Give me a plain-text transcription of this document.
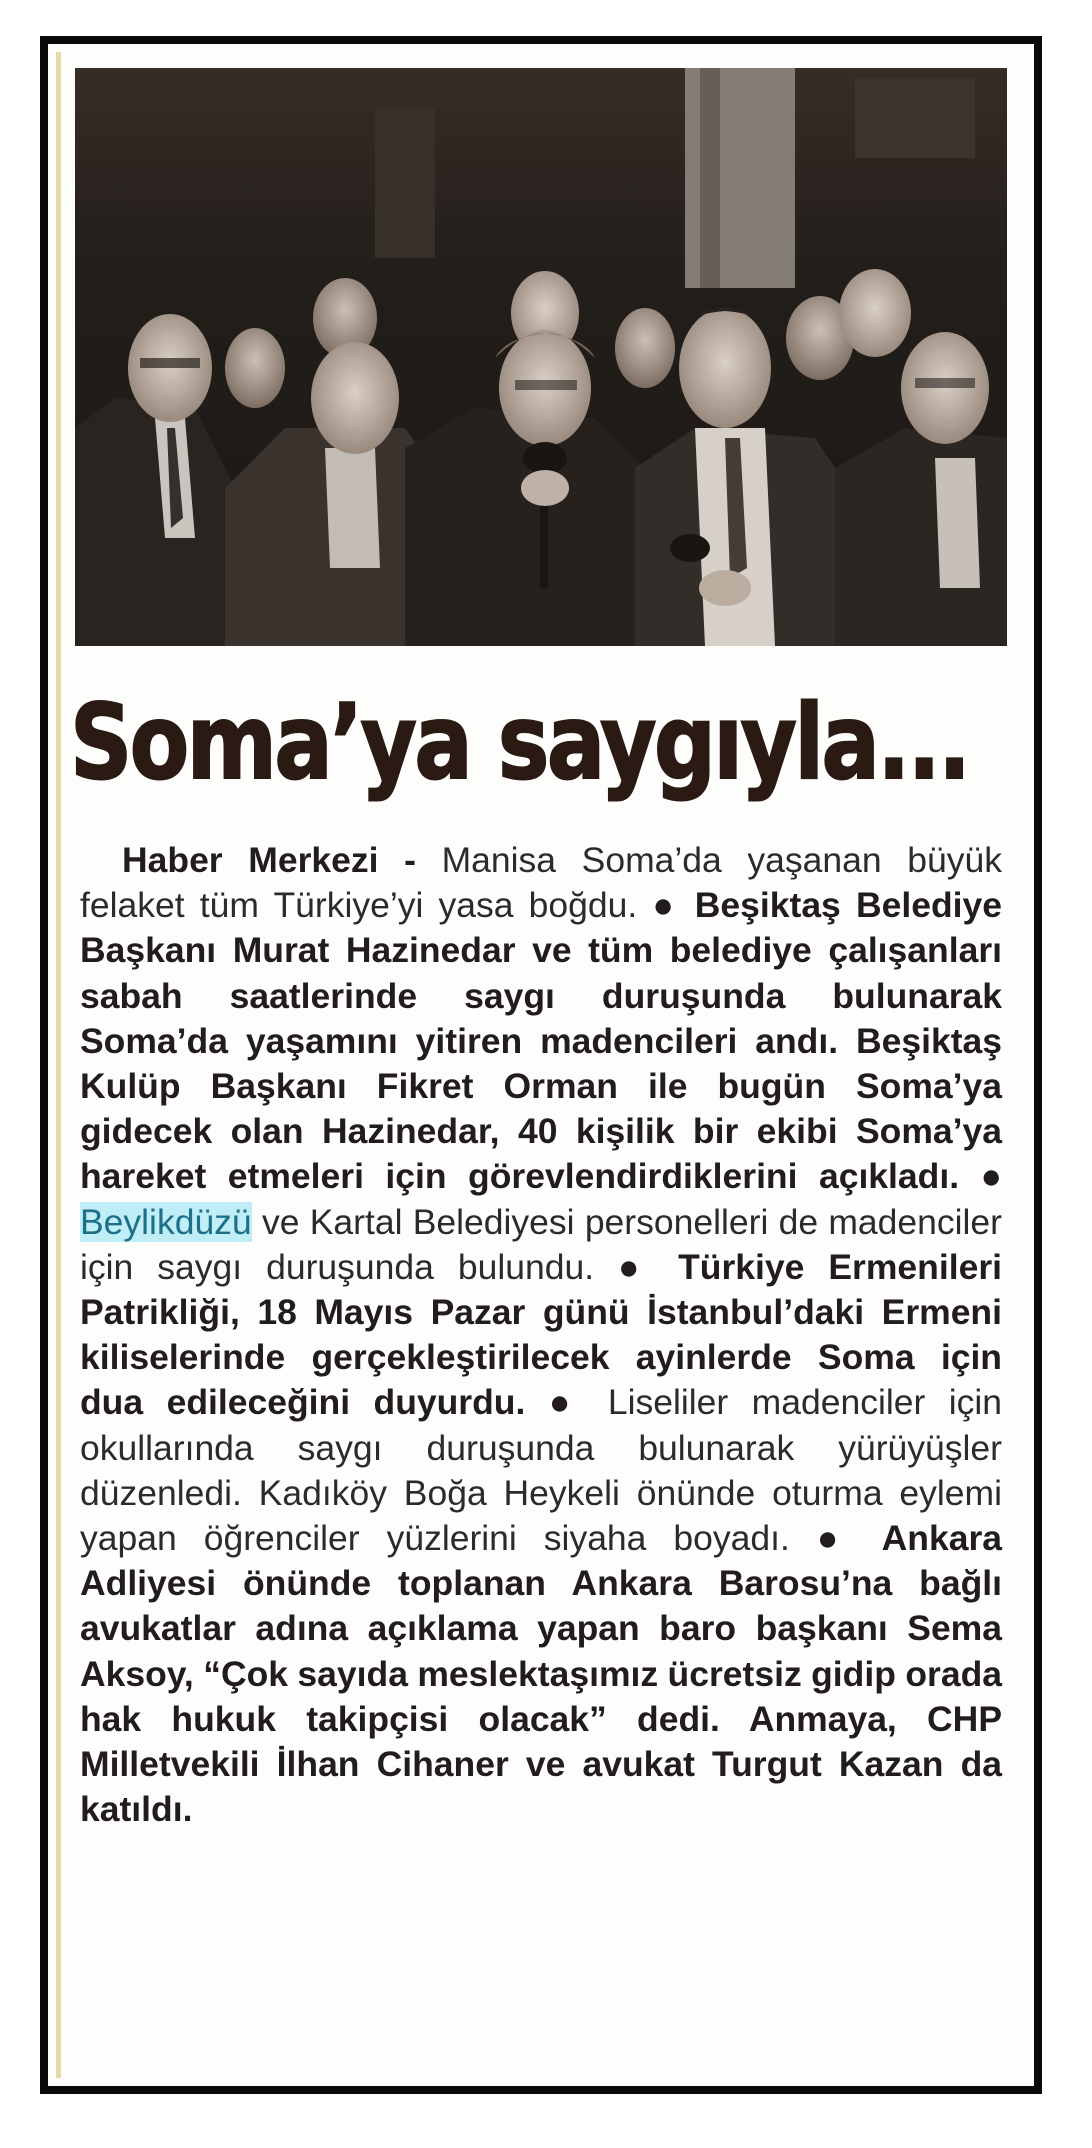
Soma’ya saygıyla...

Haber Merkezi - Manisa Soma’da yaşanan büyük felaket tüm Türkiye’yi yasa boğdu. ● Beşiktaş Belediye Başkanı Murat Hazinedar ve tüm belediye çalışanları sabah saatlerinde saygı duruşunda bulunarak Soma’da yaşamını yitiren madencileri andı. Beşiktaş Kulüp Başkanı Fikret Orman ile bugün Soma’ya gidecek olan Hazinedar, 40 kişilik bir ekibi Soma’ya hareket etmeleri için görevlendirdiklerini açıkladı. ● Beylikdüzü ve Kartal Belediyesi personelleri de madenciler için saygı duruşunda bulundu. ● Türkiye Ermenileri Patrikliği, 18 Mayıs Pazar günü İstanbul’daki Ermeni kiliselerinde gerçekleştirilecek ayinlerde Soma için dua edileceğini duyurdu. ● Liseliler madenciler için okullarında saygı duruşunda bulunarak yürüyüşler düzenledi. Kadıköy Boğa Heykeli önünde oturma eylemi yapan öğrenciler yüzlerini siyaha boyadı. ● Ankara Adliyesi önünde toplanan Ankara Barosu’na bağlı avukatlar adına açıklama yapan baro başkanı Sema Aksoy, “Çok sayıda meslektaşımız ücretsiz gidip orada hak hukuk takipçisi olacak” dedi. Anmaya, CHP Milletvekili İlhan Cihaner ve avukat Turgut Kazan da katıldı.
